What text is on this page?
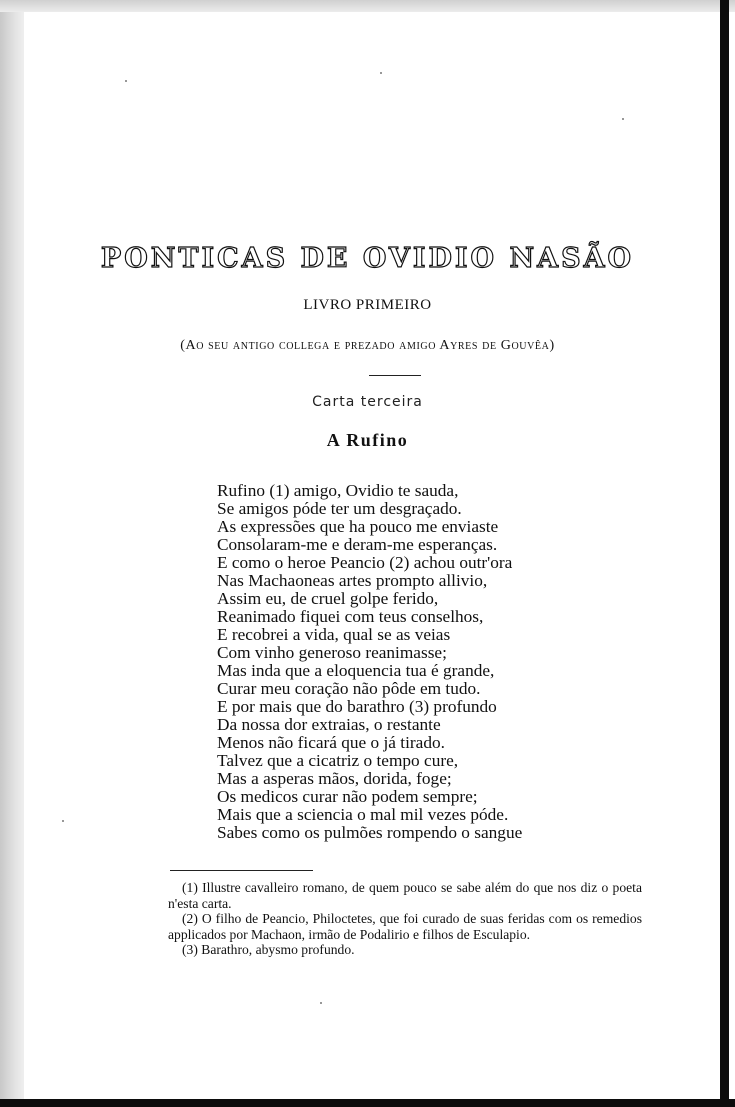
PONTICAS DE OVIDIO NASÃO
LIVRO PRIMEIRO
(Ao seu antigo collega e prezado amigo Ayres de Gouvêa)
Carta terceira
A Rufino
Rufino (1) amigo, Ovidio te sauda,
Se amigos póde ter um desgraçado.
As expressões que ha pouco me enviaste
Consolaram-me e deram-me esperanças.
E como o heroe Peancio (2) achou outr'ora
Nas Machaoneas artes prompto allivio,
Assim eu, de cruel golpe ferido,
Reanimado fiquei com teus conselhos,
E recobrei a vida, qual se as veias
Com vinho generoso reanimasse;
Mas inda que a eloquencia tua é grande,
Curar meu coração não pôde em tudo.
E por mais que do barathro (3) profundo
Da nossa dor extraias, o restante
Menos não ficará que o já tirado.
Talvez que a cicatriz o tempo cure,
Mas a asperas mãos, dorida, foge;
Os medicos curar não podem sempre;
Mais que a sciencia o mal mil vezes póde.
Sabes como os pulmões rompendo o sangue

(1) Illustre cavalleiro romano, de quem pouco se sabe além do que nos diz o poeta n'esta carta.

(2) O filho de Peancio, Philoctetes, que foi curado de suas feridas com os remedios applicados por Machaon, irmão de Podalirio e filhos de Esculapio.

(3) Barathro, abysmo profundo.
